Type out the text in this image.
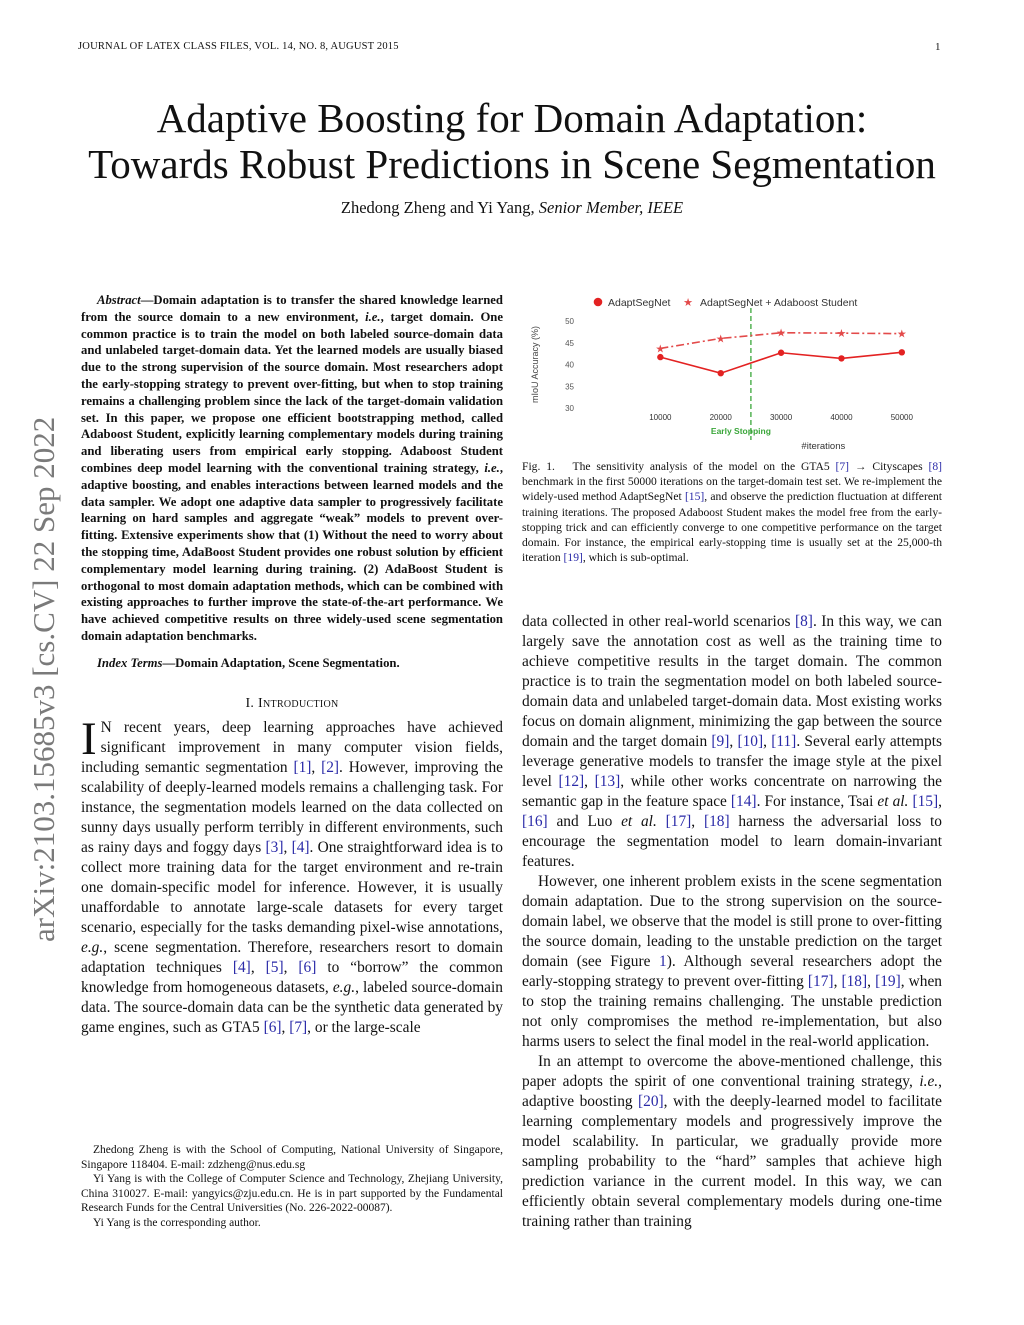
JOURNAL OF LATEX CLASS FILES, VOL. 14, NO. 8, AUGUST 2015	1
Adaptive Boosting for Domain Adaptation:
Towards Robust Predictions in Scene Segmentation
Zhedong Zheng and Yi Yang, Senior Member, IEEE
arXiv:2103.15685v3 [cs.CV] 22 Sep 2022

Abstract—Domain adaptation is to transfer the shared knowledge learned from the source domain to a new environment, i.e., target domain. One common practice is to train the model on both labeled source-domain data and unlabeled target-domain data. Yet the learned models are usually biased due to the strong supervision of the source domain. Most researchers adopt the early-stopping strategy to prevent over-fitting, but when to stop training remains a challenging problem since the lack of the target-domain validation set. In this paper, we propose one efficient bootstrapping method, called Adaboost Student, explicitly learning complementary models during training and liberating users from empirical early stopping. Adaboost Student combines deep model learning with the conventional training strategy, i.e., adaptive boosting, and enables interactions between learned models and the data sampler. We adopt one adaptive data sampler to progressively facilitate learning on hard samples and aggregate “weak” models to prevent over-fitting. Extensive experiments show that (1) Without the need to worry about the stopping time, AdaBoost Student provides one robust solution by efficient complementary model learning during training. (2) AdaBoost Student is orthogonal to most domain adaptation methods, which can be combined with existing approaches to further improve the state-of-the-art performance. We have achieved competitive results on three widely-used scene segmentation domain adaptation benchmarks.

Index Terms—Domain Adaptation, Scene Segmentation.

I. Introduction

I N recent years, deep learning approaches have achieved significant improvement in many computer vision fields, including semantic segmentation [1], [2]. However, improving the scalability of deeply-learned models remains a challenging task. For instance, the segmentation models learned on the data collected on sunny days usually perform terribly in different environments, such as rainy days and foggy days [3], [4]. One straightforward idea is to collect more training data for the target environment and re-train one domain-specific model for inference. However, it is usually unaffordable to annotate large-scale datasets for every target scenario, especially for the tasks demanding pixel-wise annotations, e.g., scene segmentation. Therefore, researchers resort to domain adaptation techniques [4], [5], [6] to “borrow” the common knowledge from homogeneous datasets, e.g., labeled source-domain data. The source-domain data can be the synthetic data generated by game engines, such as GTA5 [6], [7], or the large-scale

Zhedong Zheng is with the School of Computing, National University of Singapore, Singapore 118404. E-mail: zdzheng@nus.edu.sg

Yi Yang is with the College of Computer Science and Technology, Zhejiang University, China 310027. E-mail: yangyics@zju.edu.cn. He is in part supported by the Fundamental Research Funds for the Central Universities (No. 226-2022-00087).

Yi Yang is the corresponding author.

30
35
40
45
50
10000	20000	30000	40000	50000
mIoU Accuracy (%)
#iterations
Early Stopping
★
★	★	★	★
AdaptSegNet ★ AdaptSegNet + Adaboost Student
Fig. 1. The sensitivity analysis of the model on the GTA5 [7] → Cityscapes [8] benchmark in the first 50000 iterations on the target-domain test set. We re-implement the widely-used method AdaptSegNet [15], and observe the prediction fluctuation at different training iterations. The proposed Adaboost Student makes the model free from the early-stopping trick and can efficiently converge to one competitive performance on the target domain. For instance, the empirical early-stopping time is usually set at the 25,000-th iteration [19], which is sub-optimal.

data collected in other real-world scenarios [8]. In this way, we can largely save the annotation cost as well as the training time to achieve competitive results in the target domain. The common practice is to train the segmentation model on both labeled source-domain data and unlabeled target-domain data. Most existing works focus on domain alignment, minimizing the gap between the source domain and the target domain [9], [10], [11]. Several early attempts leverage generative models to transfer the image style at the pixel level [12], [13], while other works concentrate on narrowing the semantic gap in the feature space [14]. For instance, Tsai et al. [15], [16] and Luo et al. [17], [18] harness the adversarial loss to encourage the segmentation model to learn domain-invariant features.

However, one inherent problem exists in the scene segmentation domain adaptation. Due to the strong supervision on the source-domain label, we observe that the model is still prone to over-fitting the source domain, leading to the unstable prediction on the target domain (see Figure 1). Although several researchers adopt the early-stopping strategy to prevent over-fitting [17], [18], [19], when to stop the training remains challenging. The unstable prediction not only compromises the method re-implementation, but also harms users to select the final model in the real-world application.

In an attempt to overcome the above-mentioned challenge, this paper adopts the spirit of one conventional training strategy, i.e., adaptive boosting [20], with the deeply-learned model to facilitate learning complementary models and progressively improve the model scalability. In particular, we gradually provide more sampling probability to the “hard” samples that achieve high prediction variance in the current model. In this way, we can efficiently obtain several complementary models during one-time training rather than training
